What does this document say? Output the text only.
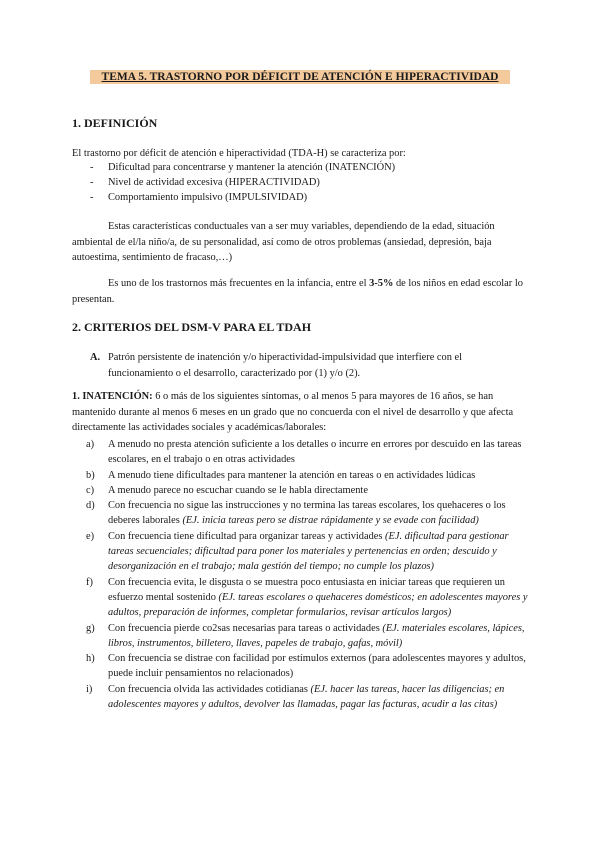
TEMA 5. TRASTORNO POR DÉFICIT DE ATENCIÓN E HIPERACTIVIDAD
1. DEFINICIÓN
El trastorno por déficit de atención e hiperactividad (TDA-H) se caracteriza por:
- Dificultad para concentrarse y mantener la atención (INATENCIÓN)
- Nivel de actividad excesiva (HIPERACTIVIDAD)
- Comportamiento impulsivo (IMPULSIVIDAD)
Estas características conductuales van a ser muy variables, dependiendo de la edad, situación ambiental de el/la niño/a, de su personalidad, así como de otros problemas (ansiedad, depresión, baja autoestima, sentimiento de fracaso,…)
Es uno de los trastornos más frecuentes en la infancia, entre el 3-5% de los niños en edad escolar lo presentan.
2. CRITERIOS DEL DSM-V PARA EL TDAH
A. Patrón persistente de inatención y/o hiperactividad-impulsividad que interfiere con el funcionamiento o el desarrollo, caracterizado por (1) y/o (2).
1. INATENCIÓN: 6 o más de los siguientes síntomas, o al menos 5 para mayores de 16 años, se han mantenido durante al menos 6 meses en un grado que no concuerda con el nivel de desarrollo y que afecta directamente las actividades sociales y académicas/laborales:
a) A menudo no presta atención suficiente a los detalles o incurre en errores por descuido en las tareas escolares, en el trabajo o en otras actividades
b) A menudo tiene dificultades para mantener la atención en tareas o en actividades lúdicas
c) A menudo parece no escuchar cuando se le habla directamente
d) Con frecuencia no sigue las instrucciones y no termina las tareas escolares, los quehaceres o los deberes laborales (EJ. inicia tareas pero se distrae rápidamente y se evade con facilidad)
e) Con frecuencia tiene dificultad para organizar tareas y actividades (EJ. dificultad para gestionar tareas secuenciales; dificultad para poner los materiales y pertenencias en orden; descuido y desorganización en el trabajo; mala gestión del tiempo; no cumple los plazos)
f) Con frecuencia evita, le disgusta o se muestra poco entusiasta en iniciar tareas que requieren un esfuerzo mental sostenido (EJ. tareas escolares o quehaceres domésticos; en adolescentes mayores y adultos, preparación de informes, completar formularios, revisar artículos largos)
g) Con frecuencia pierde co2sas necesarias para tareas o actividades (EJ. materiales escolares, lápices, libros, instrumentos, billetero, llaves, papeles de trabajo, gafas, móvil)
h) Con frecuencia se distrae con facilidad por estímulos externos (para adolescentes mayores y adultos, puede incluir pensamientos no relacionados)
i) Con frecuencia olvida las actividades cotidianas (EJ. hacer las tareas, hacer las diligencias; en adolescentes mayores y adultos, devolver las llamadas, pagar las facturas, acudir a las citas)
